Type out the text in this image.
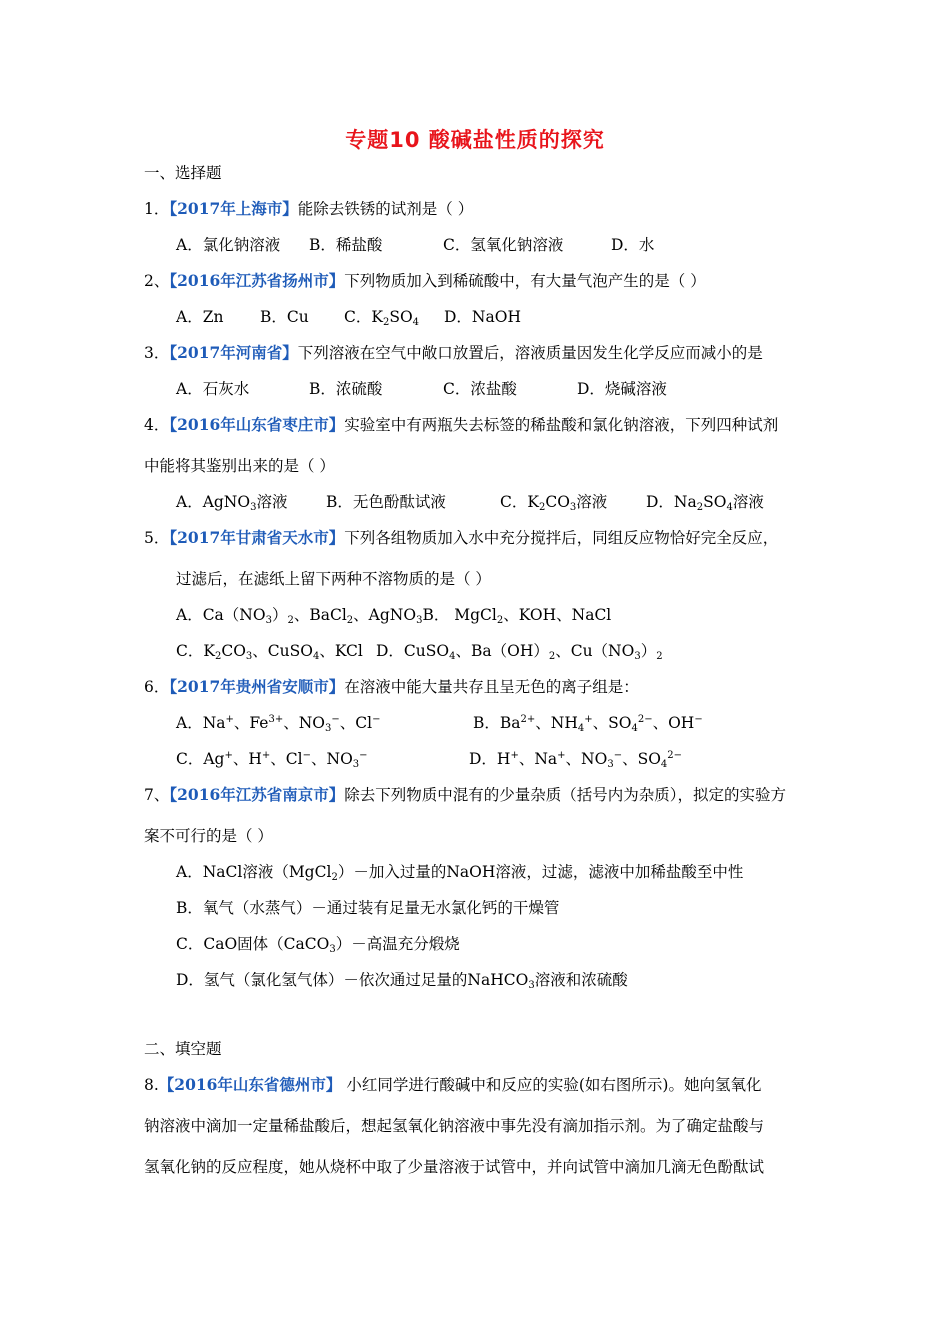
专题10 酸碱盐性质的探究
一、选择题
1．【2017年上海市】能除去铁锈的试剂是（ ）
A．氯化钠溶液 B．稀盐酸	C．氢氧化钠溶液	D．水
2、【2016年江苏省扬州市】下列物质加入到稀硫酸中，有大量气泡产生的是（ ）
A．Zn B．Cu C．$K_2SO_4$ D．NaOH
3．【2017年河南省】下列溶液在空气中敞口放置后，溶液质量因发生化学反应而减小的是
A．石灰水	B．浓硫酸	C．浓盐酸	D．烧碱溶液
4．【2016年山东省枣庄市】实验室中有两瓶失去标签的稀盐酸和氯化钠溶液，下列四种试剂
中能将其鉴别出来的是（ ）
A．AgNO$_3$溶液 B．无色酚酞试液	C．$K_2CO_3$溶液 D．$Na_2SO_4$溶液
5．【2017年甘肃省天水市】下列各组物质加入水中充分搅拌后，同组反应物恰好完全反应，
过滤后，在滤纸上留下两种不溶物质的是（ ）
A．$Ca(NO_3)_2$、BaCl$_2$、AgNO$_3$B． MgCl$_2$、KOH、NaCl
C．$K_2CO_3$、CuSO$_4$、KCl D．CuSO$_4$、$Ba(OH)_2$、$Cu(NO_3)_2$
6．【2017年贵州省安顺市】在溶液中能大量共存且呈无色的离子组是：
A．Na+、$Fe^{3+}$、$NO_3^-$、Cl−	B．$Ba^{2+}$、$NH_4^+$、$SO_4^{2-}$、OH−
C．Ag+、H+、Cl−、$NO_3^-$	D．H+、Na+、$NO_3^-$、$SO_4^{2-}$
7、【2016年江苏省南京市】除去下列物质中混有的少量杂质（括号内为杂质），拟定的实验方
案不可行的是（ ）
A．NaCl溶液（MgCl$_2$）－加入过量的NaOH溶液，过滤，滤液中加稀盐酸至中性
B．氧气（水蒸气）－通过装有足量无水氯化钙的干燥管
C．CaO固体（CaCO$_3$）－高温充分煅烧
D．氢气（氯化氢气体）－依次通过足量的NaHCO$_3$溶液和浓硫酸
二、填空题
8.【2016年山东省德州市】 小红同学进行酸碱中和反应的实验(如右图所示)。她向氢氧化
钠溶液中滴加一定量稀盐酸后，想起氢氧化钠溶液中事先没有滴加指示剂。为了确定盐酸与
氢氧化钠的反应程度，她从烧杯中取了少量溶液于试管中，并向试管中滴加几滴无色酚酞试
